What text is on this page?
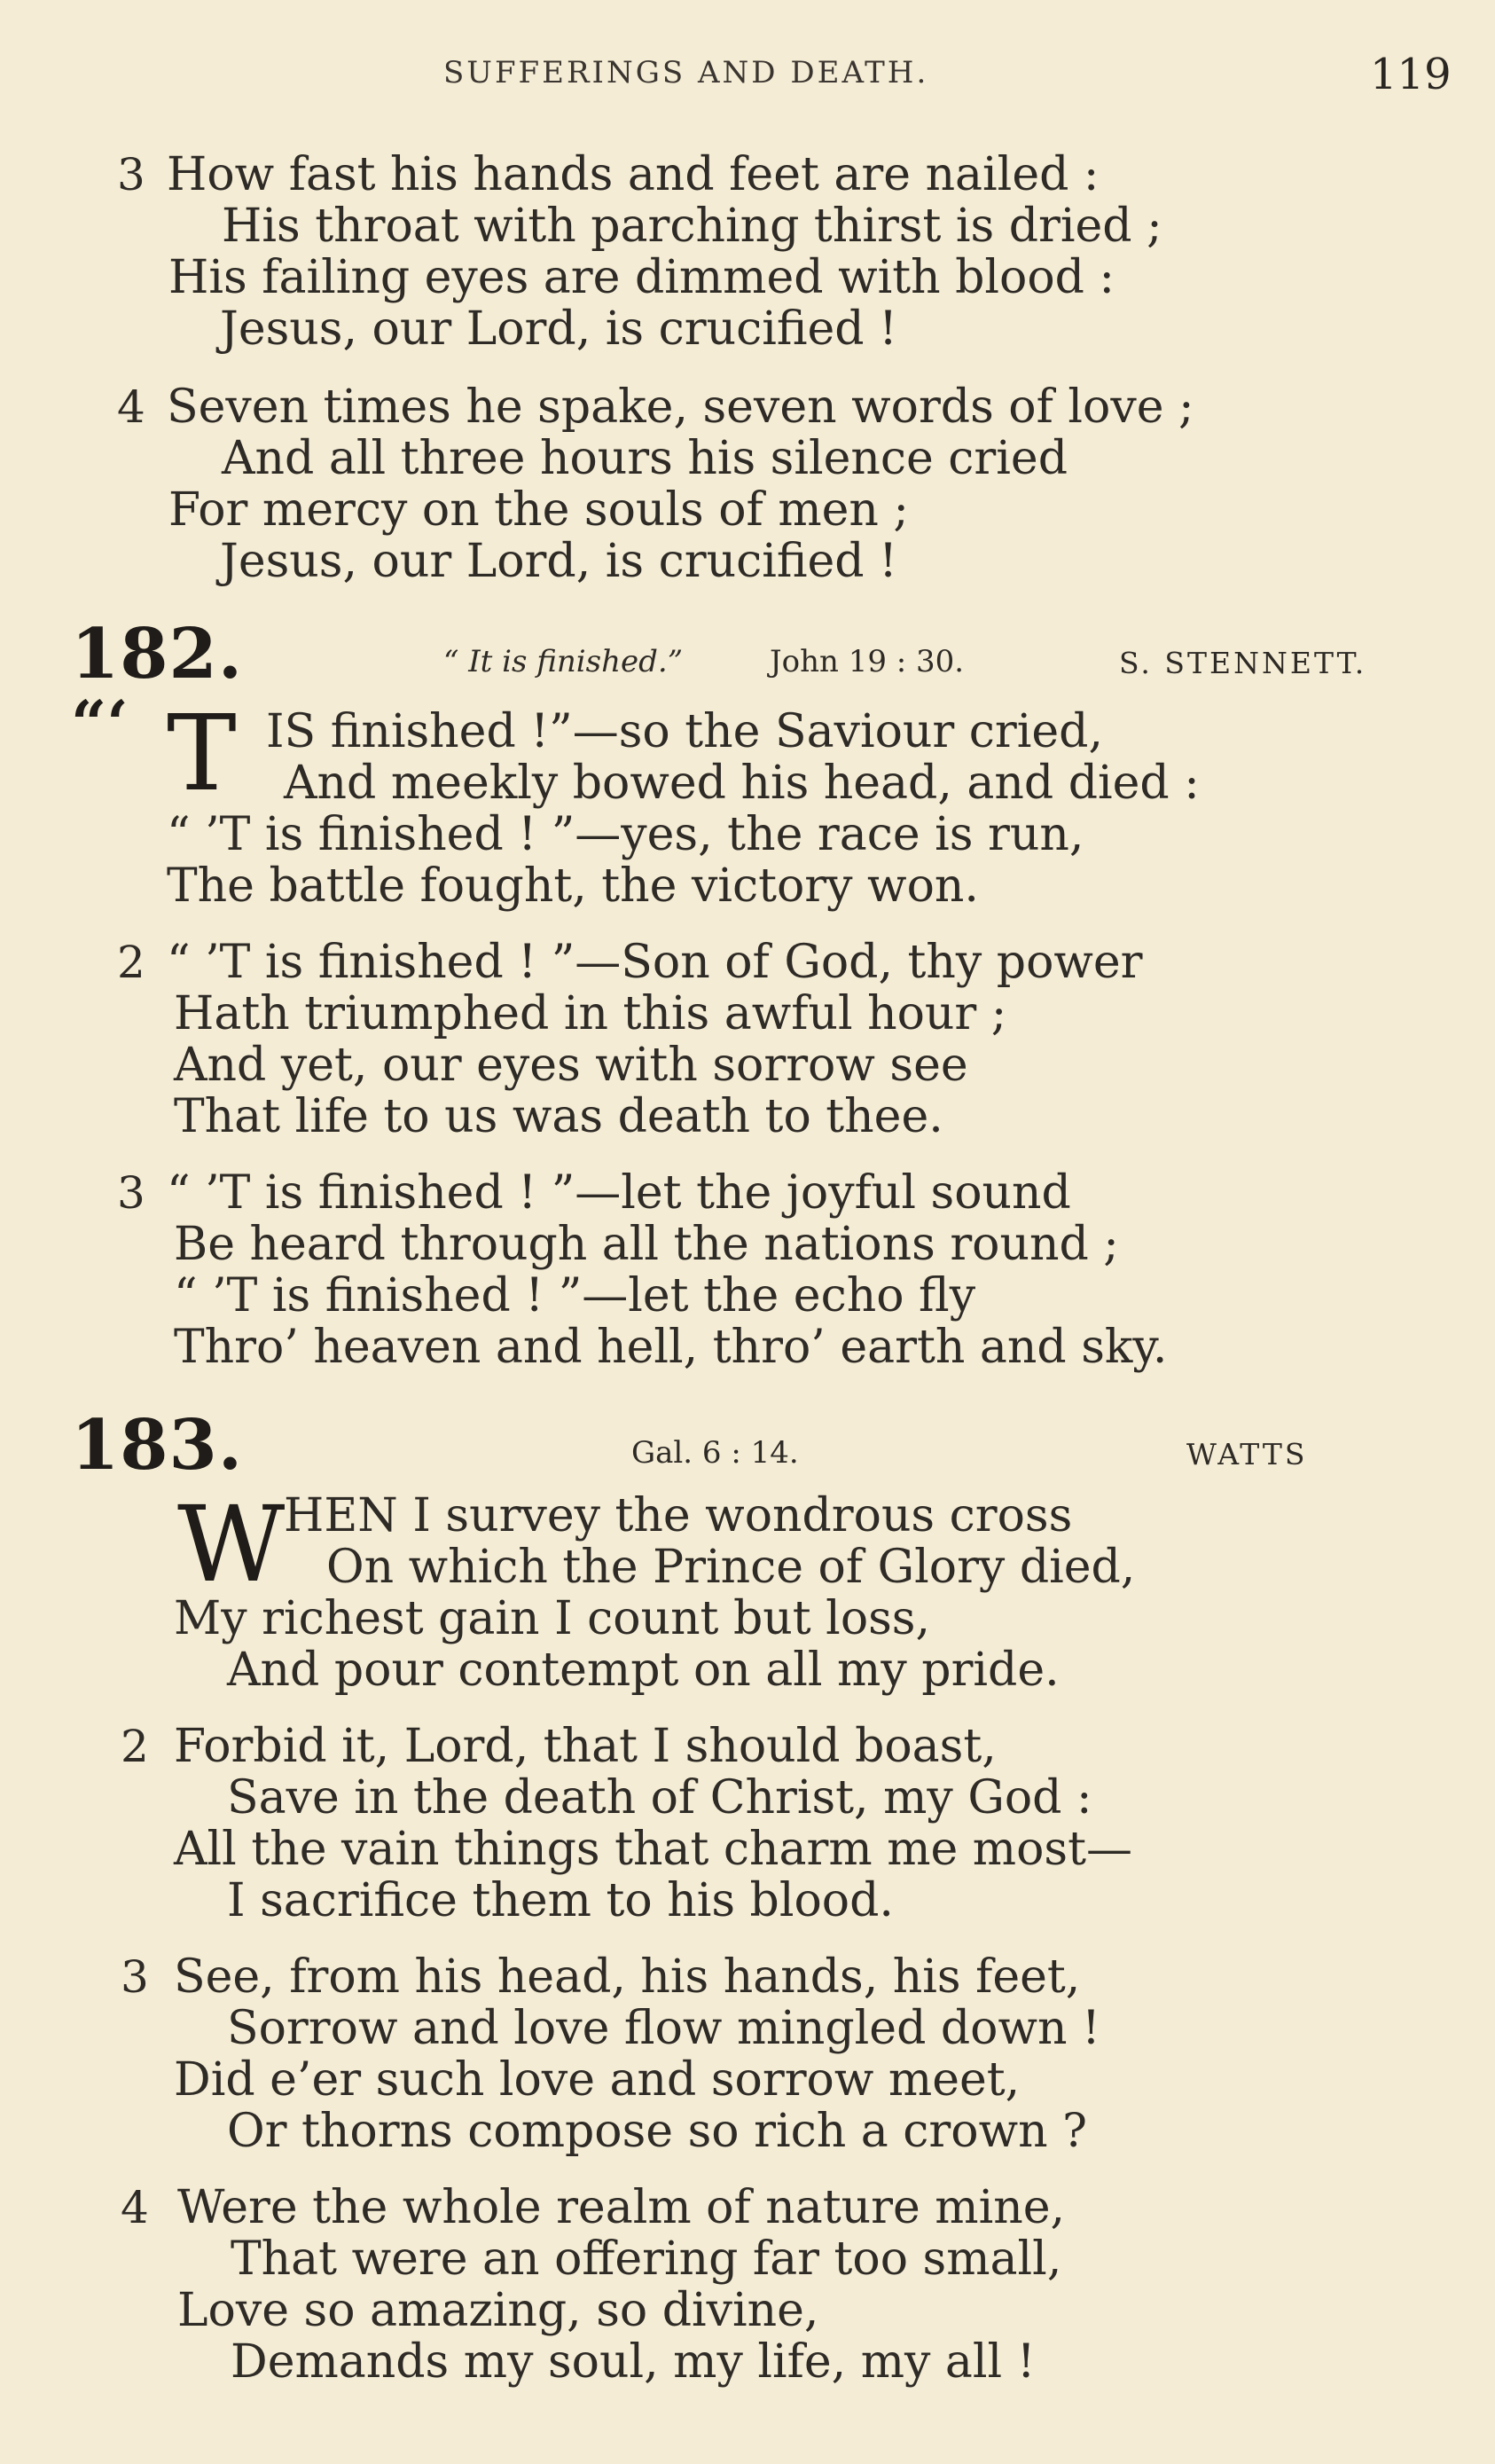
SUFFERINGS AND DEATH.	119
3 How fast his hands and feet are nailed :
His throat with parching thirst is dried ;
His failing eyes are dimmed with blood :
Jesus, our Lord, is crucified !
4 Seven times he spake, seven words of love ;
And all three hours his silence cried
For mercy on the souls of men ;
Jesus, our Lord, is crucified !
182.	“ It is finished.”	John 19 : 30.	S. STENNETT.
“‘ T IS finished !”—so the Saviour cried,
And meekly bowed his head, and died :
“ ’T is finished ! ”—yes, the race is run,
The battle fought, the victory won.
2 “ ’T is finished ! ”—Son of God, thy power
Hath triumphed in this awful hour ;
And yet, our eyes with sorrow see
That life to us was death to thee.
3 “ ’T is finished ! ”—let the joyful sound
Be heard through all the nations round ;
“ ’T is finished ! ”—let the echo fly
Thro’ heaven and hell, thro’ earth and sky.
183.	Gal. 6 : 14.	WATTS
W
HEN I survey the wondrous cross
On which the Prince of Glory died,
My richest gain I count but loss,
And pour contempt on all my pride.
2 Forbid it, Lord, that I should boast,
Save in the death of Christ, my God :
All the vain things that charm me most—
I sacrifice them to his blood.
3 See, from his head, his hands, his feet,
Sorrow and love flow mingled down !
Did e’er such love and sorrow meet,
Or thorns compose so rich a crown ?
4 Were the whole realm of nature mine,
That were an offering far too small,
Love so amazing, so divine,
Demands my soul, my life, my all !
